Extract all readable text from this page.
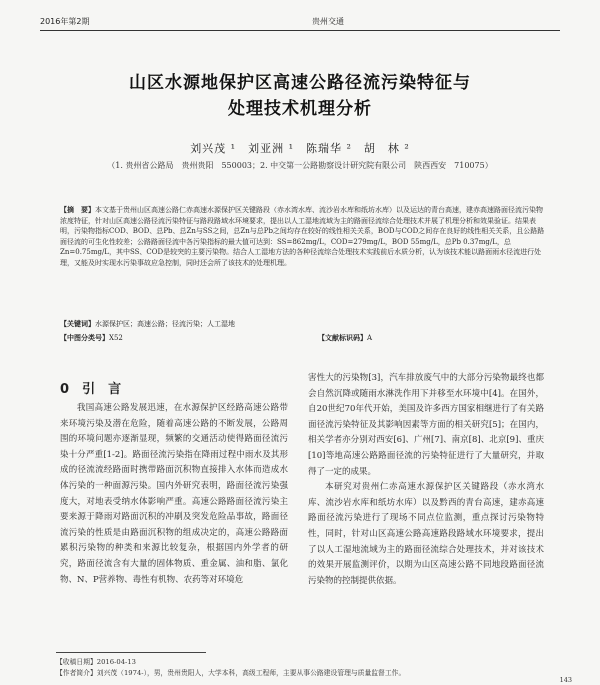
2016年第2期	贵州交通
山区水源地保护区高速公路径流污染特征与
处理技术机理分析
刘兴茂 ¹　刘亚洲 ¹　陈瑞华 ²　胡　林 ²
（1. 贵州省公路局　贵州贵阳　550003；2. 中交第一公路勘察设计研究院有限公司　陕西西安　710075）
【摘　要】本文基于贵州山区高速公路仁赤高速水源保护区关键路段（赤水湾水库、流沙岩水库和纸坊水库）以及运达的青台高速，建赤高速路面径流污染物浓度特征，针对山区高速公路径流污染特征与路段路域水环境要求，提出以人工湿地流域为主的路面径流综合处理技术并展了机理分析和效果验证。结果表明，污染物指标COD、BOD、总Pb、总Zn与SS之间，总Zn与总Pb之间均存在较好的线性相关关系，BOD与COD之间存在良好的线性相关关系，且公路路面径流的可生化性较差；公路路面径流中各污染指标的最大值可达到：SS=862mg/L，COD=279mg/L，BOD 55mg/L，总Pb 0.37mg/L，总Zn=0.75mg/L，其中SS、COD是较突的主要污染物。结合人工湿地方法的各种径流综合处理技术实践前后水质分析，认为该技术能以路面雨水径流进行处理，又能及时实现水污染事故应急控制，同时还会所了该技术的处理机理。
【关键词】水源保护区；高速公路；径流污染；人工湿地
【中图分类号】X52	【文献标识码】A
0　 引　言

我国高速公路发展迅速，在水源保护区经路高速公路带来环境污染及潜在危险，随着高速公路的不断发展，公路周围的环境问题亦逐渐显现，频繁的交通活动使得路面径流污染十分严重[1-2]。路面径流污染指在降雨过程中雨水及其形成的径流流经路面时携带路面沉积物直接排入水体而造成水体污染的一种面源污染。国内外研究表明，路面径流污染强度大，对地表受纳水体影响严重。高速公路路面径流污染主要来源于降雨对路面沉积的冲刷及突发危险品事故，路面径流污染的性质是由路面沉积物的组成决定的，高速公路路面累积污染物的种类和来源比较复杂，根据国内外学者的研究，路面径流含有大量的固体物质、重金属、油和脂、氯化物、N、P营养物、毒性有机物、农药等对环境危

害性大的污染物[3]，汽车排放废气中的大部分污染物最终也都会自然沉降或随雨水淋洗作用下并移至水环境中[4]。在国外，自20世纪70年代开始，美国及许多西方国家相继进行了有关路面径流污染特征及其影响因素等方面的相关研究[5]；在国内，相关学者亦分别对西安[6]、广州[7]、南京[8]、北京[9]、重庆[10]等地高速公路路面径流的污染特征进行了大量研究，并取得了一定的成果。

本研究对贵州仁赤高速水源保护区关键路段（赤水湾水库、流沙岩水库和纸坊水库）以及黔西的青台高速，建赤高速路面径流污染进行了现场不同点位监测，重点探讨污染物特性，同时，针对山区高速公路高速路段路域水环境要求，提出了以人工湿地流域为主的路面径流综合处理技术，并对该技术的效果开展监测评价，以期为山区高速公路不同地段路面径流污染物的控制提供依据。

【收稿日期】2016-04-13
【作者简介】刘兴茂（1974-），男，贵州贵阳人，大学本科，高级工程师，主要从事公路建设管理与质量监督工作。
143
